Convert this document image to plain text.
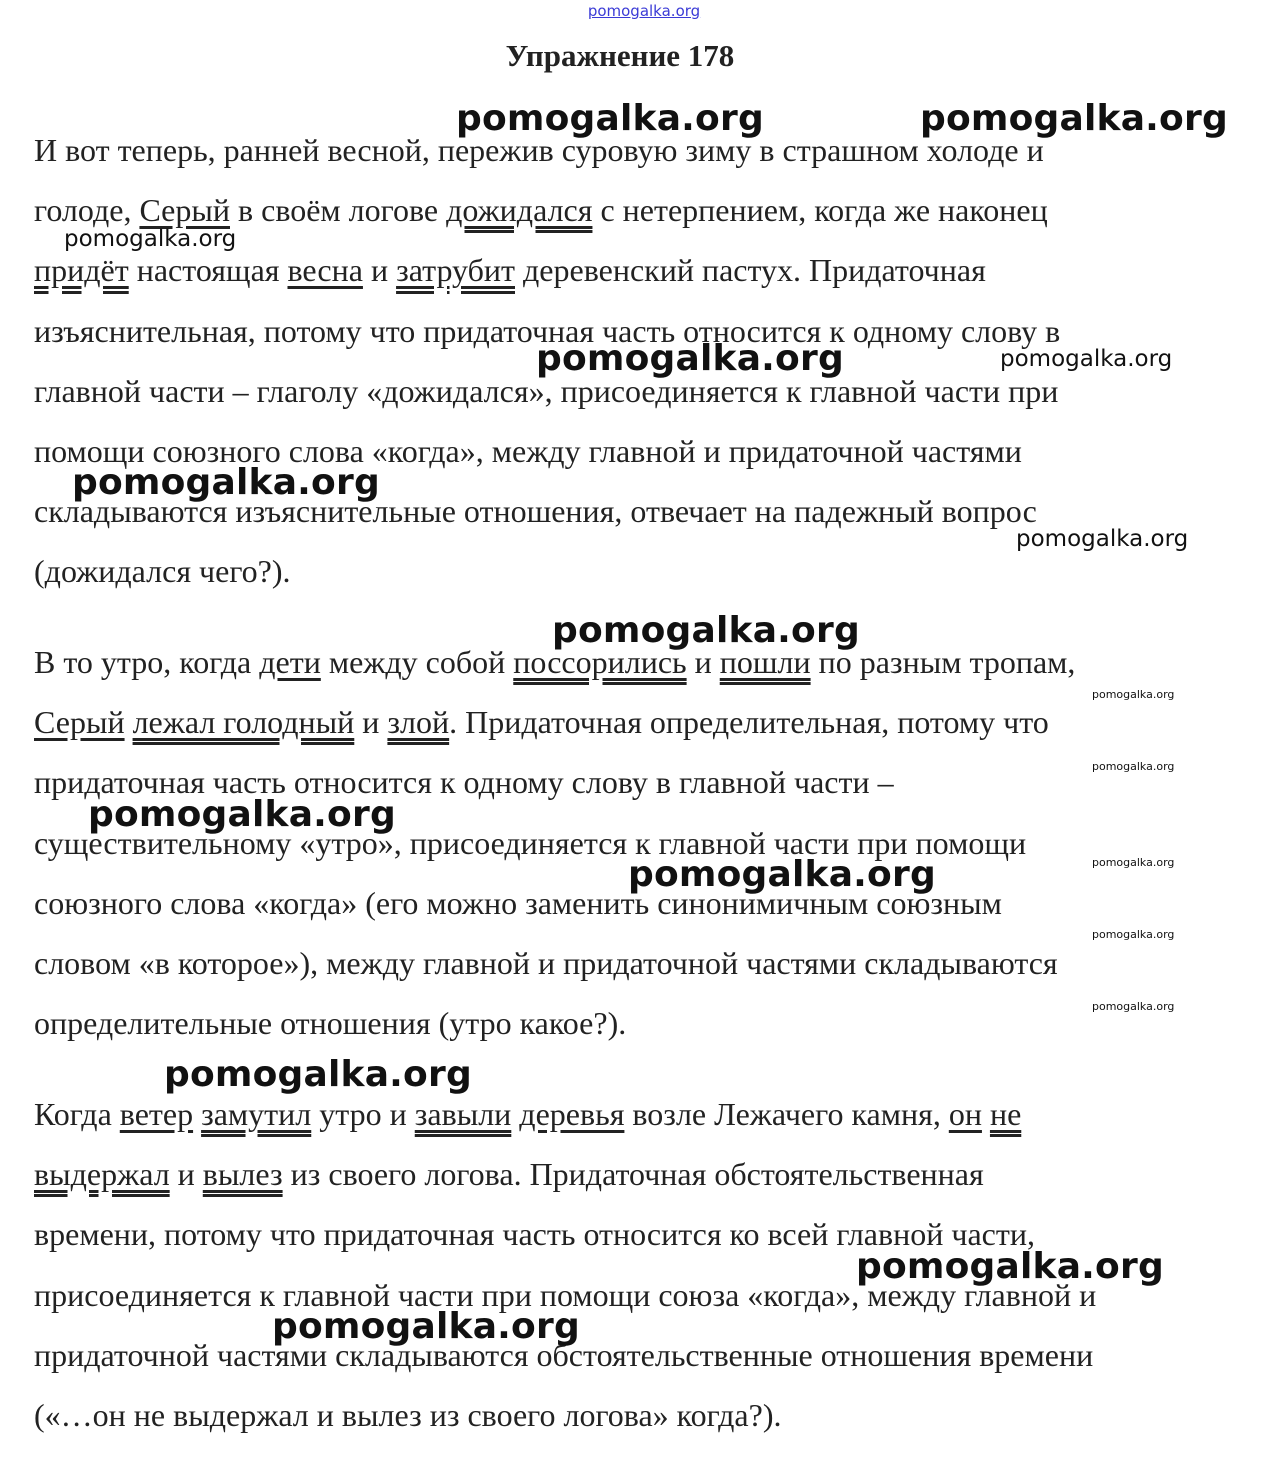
pomogalka.org
Упражнение 178
И вот теперь, ранней весной, пережив суровую зиму в страшном холоде и
голоде, Серый в своём логове дожидался с нетерпением, когда же наконец
придёт настоящая весна и затрубит деревенский пастух. Придаточная
изъяснительная, потому что придаточная часть относится к одному слову в
главной части – глаголу «дожидался», присоединяется к главной части при
помощи союзного слова «когда», между главной и придаточной частями
складываются изъяснительные отношения, отвечает на падежный вопрос
(дожидался чего?).
В то утро, когда дети между собой поссорились и пошли по разным тропам,
Серый лежал голодный и злой. Придаточная определительная, потому что
придаточная часть относится к одному слову в главной части –
существительному «утро», присоединяется к главной части при помощи
союзного слова «когда» (его можно заменить синонимичным союзным
словом «в которое»), между главной и придаточной частями складываются
определительные отношения (утро какое?).
Когда ветер замутил утро и завыли деревья возле Лежачего камня, он не
выдержал и вылез из своего логова. Придаточная обстоятельственная
времени, потому что придаточная часть относится ко всей главной части,
присоединяется к главной части при помощи союза «когда», между главной и
придаточной частями складываются обстоятельственные отношения времени
(«…он не выдержал и вылез из своего логова» когда?).
pomogalka.org	pomogalka.org
pomogalka.org
pomogalka.org	pomogalka.org
pomogalka.org
pomogalka.org
pomogalka.org
pomogalka.org
pomogalka.org
pomogalka.org
pomogalka.org
pomogalka.org
pomogalka.org
pomogalka.org
pomogalka.org
pomogalka.org
pomogalka.org
